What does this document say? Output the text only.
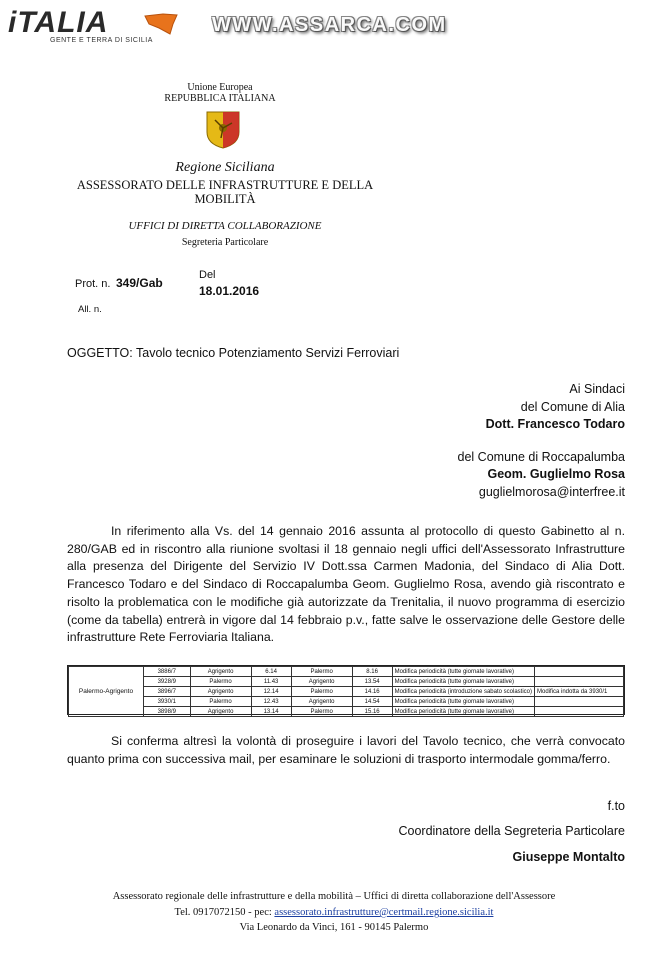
iTALIA
GENTE E TERRA DI SICILIA
WWW.ASSARCA.COM
Unione Europea
REPUBBLICA ITALIANA
Regione Siciliana
ASSESSORATO DELLE INFRASTRUTTURE E DELLA MOBILITÀ
UFFICI DI DIRETTA COLLABORAZIONE
Segreteria Particolare
Prot. n. 349/Gab
Del
18.01.2016
All. n.
OGGETTO: Tavolo tecnico Potenziamento Servizi Ferroviari
Ai Sindaci
del Comune di Alia
Dott. Francesco Todaro
del Comune di Roccapalumba
Geom. Guglielmo Rosa
guglielmorosa@interfree.it
In riferimento alla Vs. del 14 gennaio 2016 assunta al protocollo di questo Gabinetto al n. 280/GAB ed in riscontro alla riunione svoltasi il 18 gennaio negli uffici dell'Assessorato Infrastrutture alla presenza del Dirigente del Servizio IV Dott.ssa Carmen Madonia, del Sindaco di Alia Dott. Francesco Todaro e del Sindaco di Roccapalumba Geom. Guglielmo Rosa, avendo già riscontrato e risolto la problematica con le modifiche già autorizzate da Trenitalia, il nuovo programma di esercizio (come da tabella) entrerà in vigore dal 14 febbraio p.v., fatte salve le osservazione delle Gestore delle infrastrutture Rete Ferroviaria Italiana.
Palermo-Agrigento	3886/7	Agrigento	6.14	Palermo	8.16	Modifica periodicità (tutte giornate lavorative)	
	3928/9	Palermo	11.43	Agrigento	13.54	Modifica periodicità (tutte giornate lavorative)	
	3896/7	Agrigento	12.14	Palermo	14.16	Modifica periodicità (introduzione sabato scolastico)	Modifica indotta da 3930/1
	3930/1	Palermo	12.43	Agrigento	14.54	Modifica periodicità (tutte giornate lavorative)	
	3898/9	Agrigento	13.14	Palermo	15.16	Modifica periodicità (tutte giornate lavorative)	
Si conferma altresì la volontà di proseguire i lavori del Tavolo tecnico, che verrà convocato quanto prima con successiva mail, per esaminare le soluzioni di trasporto intermodale gomma/ferro.
f.to
Coordinatore della Segreteria Particolare
Giuseppe Montalto
Assessorato regionale delle infrastrutture e della mobilità – Uffici di diretta collaborazione dell'Assessore
Tel. 0917072150 - pec: assessorato.infrastrutture@certmail.regione.sicilia.it
Via Leonardo da Vinci, 161 - 90145 Palermo
